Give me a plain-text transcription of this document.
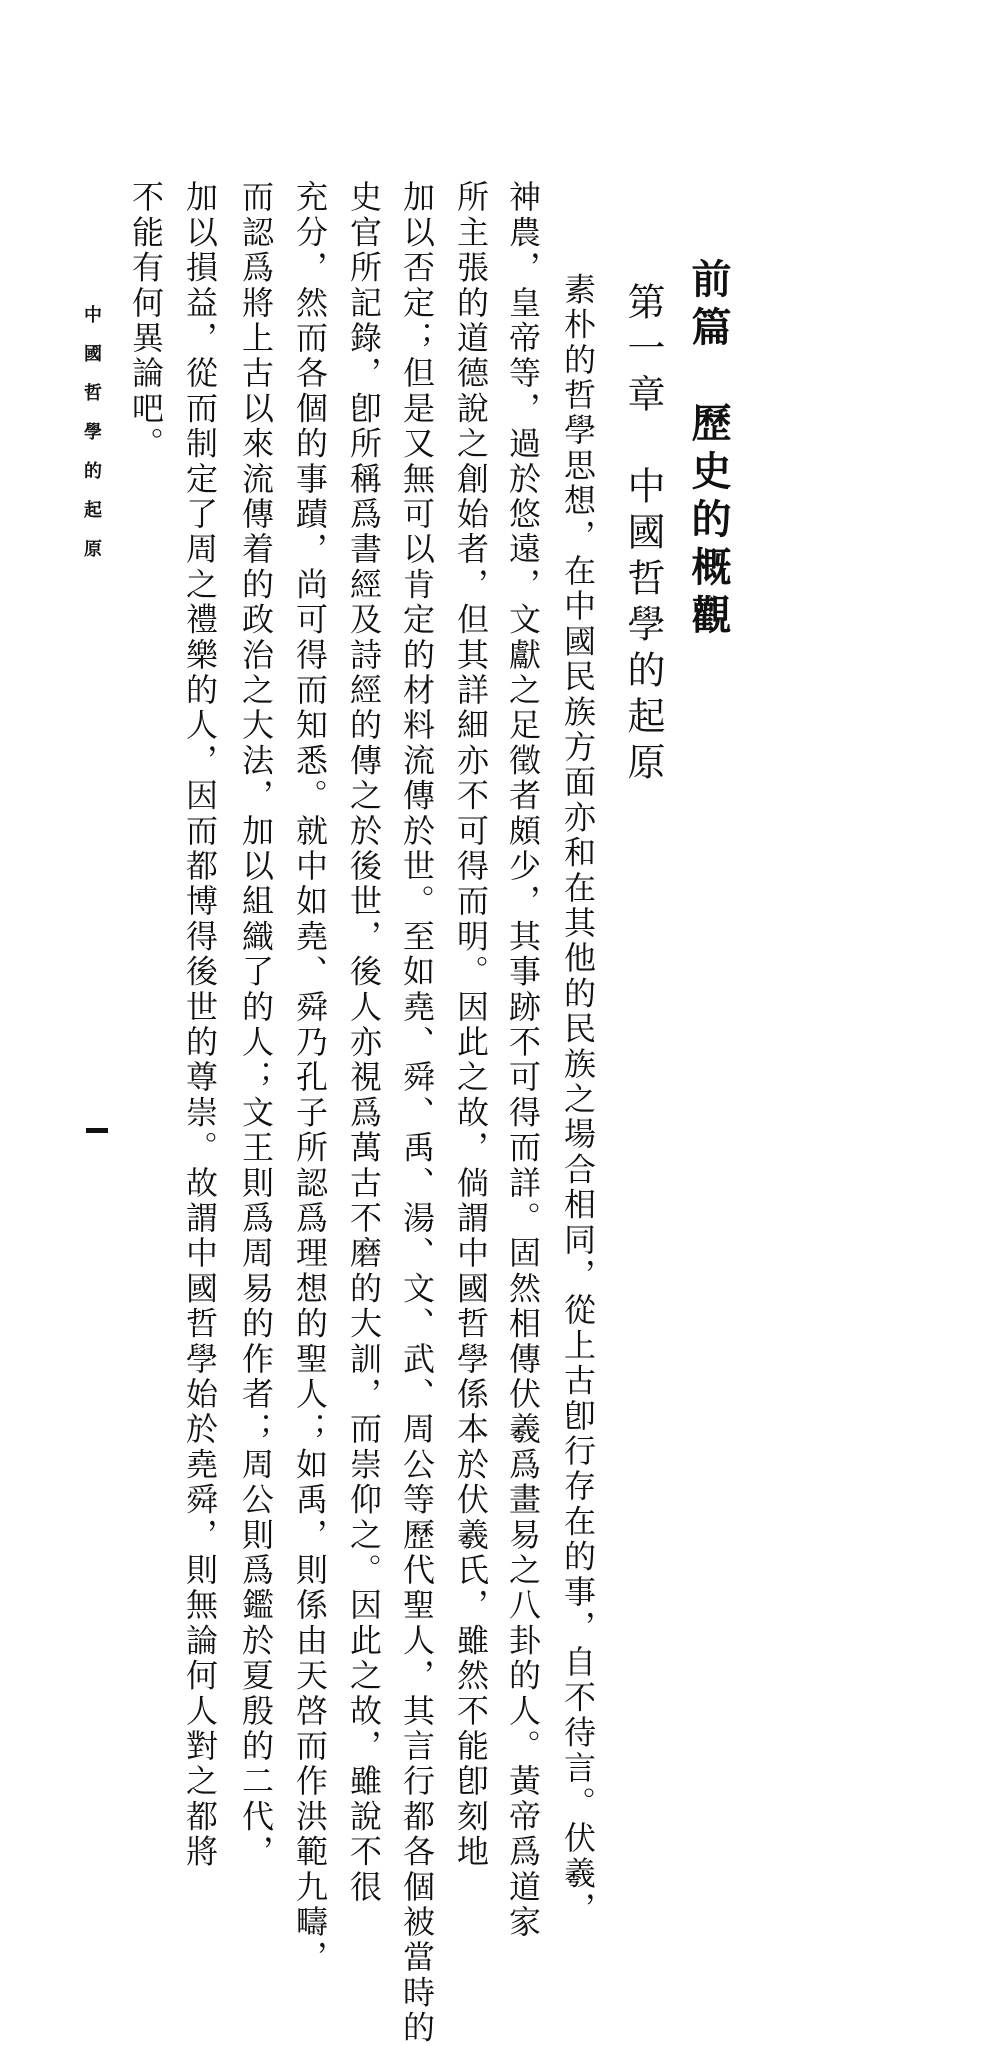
前篇　歷史的概觀
第一章　中國哲學的起原
　素朴的哲學思想，在中國民族方面亦和在其他的民族之場合相同，從上古卽行存在的事，自不待言。伏羲，
神農，皇帝等，過於悠遠，文獻之足徵者頗少，其事跡不可得而詳。固然相傳伏羲爲畫易之八卦的人。黃帝爲道家
所主張的道德說之創始者，但其詳細亦不可得而明。因此之故，倘謂中國哲學係本於伏羲氏，雖然不能卽刻地
加以否定；但是又無可以肯定的材料流傳於世。至如堯、舜、禹、湯、文、武、周公等歷代聖人，其言行都各個被當時的
史官所記錄，卽所稱爲書經及詩經的傳之於後世，後人亦視爲萬古不磨的大訓，而崇仰之。因此之故，雖說不很
充分，然而各個的事蹟，尚可得而知悉。就中如堯、舜乃孔子所認爲理想的聖人；如禹，則係由天啓而作洪範九疇，
而認爲將上古以來流傳着的政治之大法，加以組織了的人；文王則爲周易的作者；周公則爲鑑於夏殷的二代，
加以損益，從而制定了周之禮樂的人，因而都博得後世的尊崇。故謂中國哲學始於堯舜，則無論何人對之都將
不能有何異論吧。
中國哲學的起原
